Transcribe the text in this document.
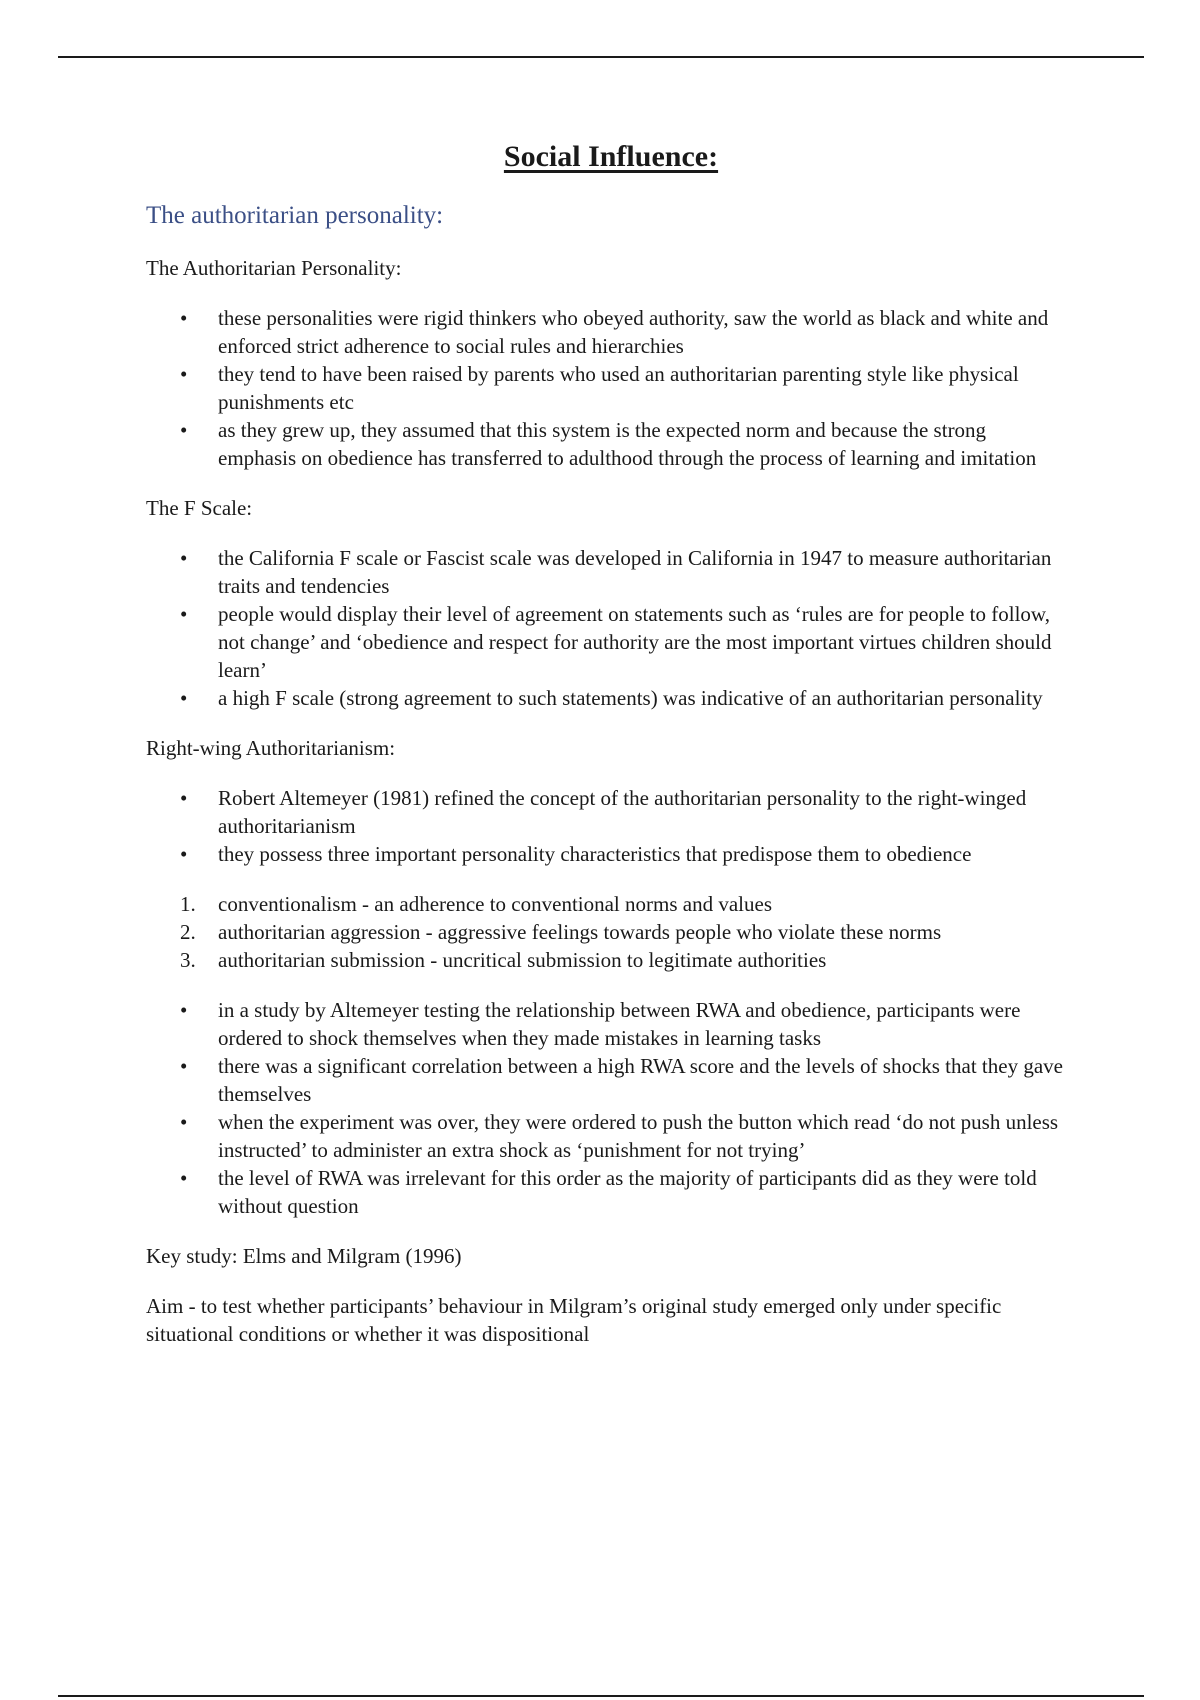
Social Influence:
The authoritarian personality:

The Authoritarian Personality:

•	these personalities were rigid thinkers who obeyed authority, saw the world as black and white and enforced strict adherence to social rules and hierarchies
•	they tend to have been raised by parents who used an authoritarian parenting style like physical punishments etc
•	as they grew up, they assumed that this system is the expected norm and because the strong emphasis on obedience has transferred to adulthood through the process of learning and imitation

The F Scale:

•	the California F scale or Fascist scale was developed in California in 1947 to measure authoritarian traits and tendencies
•	people would display their level of agreement on statements such as ‘rules are for people to follow, not change’ and ‘obedience and respect for authority are the most important virtues children should learn’
•	a high F scale (strong agreement to such statements) was indicative of an authoritarian personality

Right-wing Authoritarianism:

•	Robert Altemeyer (1981) refined the concept of the authoritarian personality to the right-winged authoritarianism
•	they possess three important personality characteristics that predispose them to obedience
1.	conventionalism - an adherence to conventional norms and values
2.	authoritarian aggression - aggressive feelings towards people who violate these norms
3.	authoritarian submission - uncritical submission to legitimate authorities
•	in a study by Altemeyer testing the relationship between RWA and obedience, participants were ordered to shock themselves when they made mistakes in learning tasks
•	there was a significant correlation between a high RWA score and the levels of shocks that they gave themselves
•	when the experiment was over, they were ordered to push the button which read ‘do not push unless instructed’ to administer an extra shock as ‘punishment for not trying’
•	the level of RWA was irrelevant for this order as the majority of participants did as they were told without question

Key study: Elms and Milgram (1996)

Aim - to test whether participants’ behaviour in Milgram’s original study emerged only under specific situational conditions or whether it was dispositional
